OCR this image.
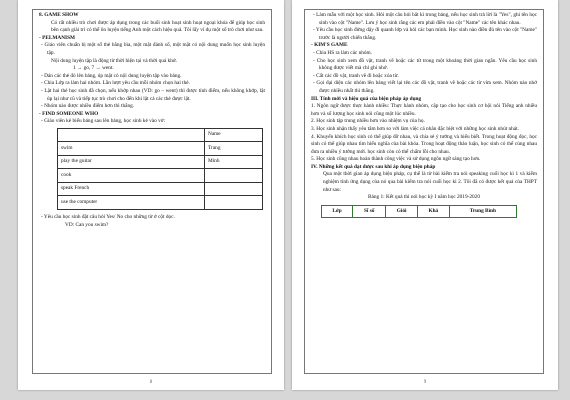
8. GAME SHOW

Có rất nhiều trò chơi được áp dụng trong các buổi sinh hoạt sinh hoạt ngoại khóa để giúp học sinh bên cạnh giải trí có thể ôn luyện tiếng Anh một cách hiệu quả. Tôi lấy ví dụ một số trò chơi như sau.

- PELMANISM

- Giáo viên chuẩn bị một số thẻ bằng bìa, một mặt đánh số, một mặt có nội dung muốn học sinh luyện tập.

Nội dung luyện tập là động từ thời hiện tại và thời quá khứ.

1 → go, 7 → went.

- Dán các thẻ đó lên bảng, úp mặt có nội dung luyện tập vào bảng.

- Chia Lớp ra làm hai nhóm. Lần lượt yêu cầu mỗi nhóm chọn hai thẻ.

- Lật hai thẻ học sinh đã chọn, nếu khớp nhau (VD: go – went) thì được tính điểm, nếu không khớp, lật úp lại như cũ và tiếp tục trò chơi cho đến khi lật cả các thẻ được lật.

- Nhóm nào được nhiều điểm hơn thì thắng.

- FIND SOMEONE WHO

- Giáo viên kẻ biểu bảng sau lên bảng, học sinh kẻ vào vở:

	Name
swim	Trang
play the guitar	Minh
cook	
speak French	
use the computer	

- Yêu cầu học sinh đặt câu hỏi Yes/ No cho những từ ở cột dọc.

VD: Can you swim?

8

- Làm mẫu với một học sinh. Hỏi một câu hỏi bắt kì trong bảng, nếu học sinh trả lời là "Yes", ghi tên học sinh vào cột "Name". Lưu ý học sinh rằng các em phải điền vào cột "Name" các tên khác nhau.

- Yêu cầu học sinh đứng dậy đi quanh lớp và hỏi các bạn mình. Học sinh nào điền đủ tên vào cột "Name" trước là người chiến thắng.

- KIM'S GAME

- Chia HS ra làm các nhóm.

- Cho học sinh xem đồ vật, tranh vẽ hoặc các từ trong một khoảng thời gian ngắn. Yêu cầu học sinh không được viết mà chỉ ghi nhớ.

- Cất các đồ vật, tranh vẽ đi hoặc xóa từ.

- Gọi đại diện các nhóm lên bảng viết lại tên các đồ vật, tranh vẽ hoặc các từ vừa xem. Nhóm nào nhớ được nhiều nhất thì thắng.

III. Tính mới và hiệu quả của biện pháp áp dụng

1. Ngôn ngữ được thực hành nhiều: Thực hành nhóm, cặp tạo cho học sinh cơ hội nói Tiếng anh nhiều hơn và số lượng học sinh nói cũng một lúc nhiều.

2. Học sinh tập trung nhiều hơn vào nhiệm vụ của họ.

3. Học sinh nhận thấy yêu tâm hơn so với làm việc cá nhân đặc biệt với những học sinh nhút nhát.

4. Khuyến khích học sinh có thể giúp đỡ nhau, và chia sẻ ý tưởng và hiểu biết. Trong hoạt động đọc, học sinh có thể giúp nhau tìm hiểu nghĩa của bài khóa. Trong hoạt động thảo luận, học sinh có thể cùng nhau đưa ra nhiều ý tưởng mới. học sinh còn có thể chấm lỗi cho nhau.

5. Học sinh cũng nhau hoàn thành công việc và sử dụng ngôn ngữ sáng tạo hơn.

IV. Những kết quả đạt được sau khi áp dụng biện pháp

Qua một thời gian áp dụng biện pháp, cụ thể là từ bài kiểm tra nói speaking cuối học kì 1 và kiểm nghiệm tính ứng dụng của nó qua bài kiểm tra nói cuối học kì 2. Tôi đã có được kết quả của THPT như sau:

Bảng 1: Kết quả thi nói học kỳ I năm học 2019-2020

Lớp	Sĩ số	Giỏi	Khá	Trung Bình
9
